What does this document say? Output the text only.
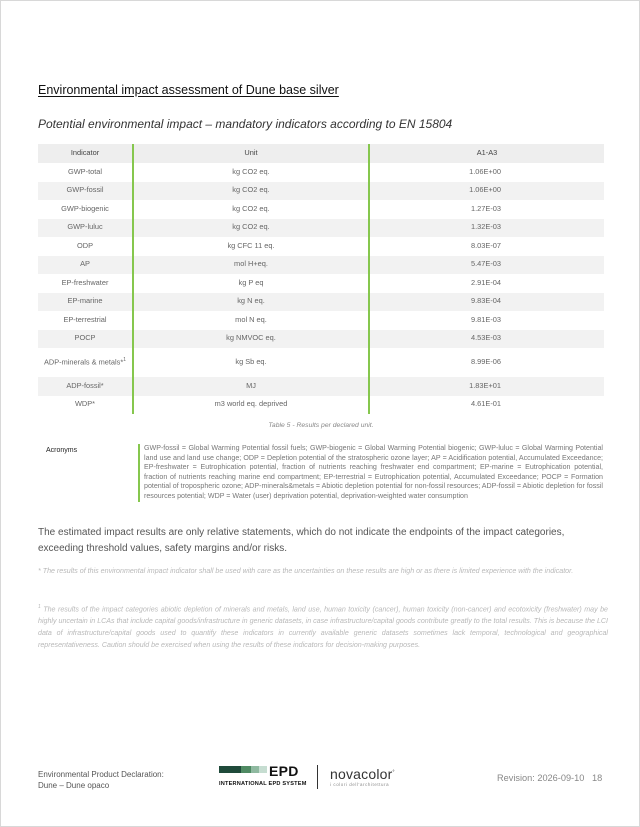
Environmental impact assessment of Dune base silver
Potential environmental impact – mandatory indicators according to EN 15804
Indicator	Unit	A1-A3
GWP-total	kg CO2 eq.	1.06E+00
GWP-fossil	kg CO2 eq.	1.06E+00
GWP-biogenic	kg CO2 eq.	1.27E-03
GWP-luluc	kg CO2 eq.	1.32E-03
ODP	kg CFC 11 eq.	8.03E-07
AP	mol H+eq.	5.47E-03
EP-freshwater	kg P eq	2.91E-04
EP-marine	kg N eq.	9.83E-04
EP-terrestrial	mol N eq.	9.81E-03
POCP	kg NMVOC eq.	4.53E-03
ADP-minerals & metals*$^1$	kg Sb eq.	8.99E-06
ADP-fossil*	MJ	1.83E+01
WDP*	m3 world eq. deprived	4.61E-01
Table 5 - Results per declared unit.
Acronyms	GWP-fossil = Global Warming Potential fossil fuels; GWP-biogenic = Global Warming Potential biogenic; GWP-luluc = Global Warming Potential land use and land use change; ODP = Depletion potential of the stratospheric ozone layer; AP = Acidification potential, Accumulated Exceedance; EP-freshwater = Eutrophication potential, fraction of nutrients reaching freshwater end compartment; EP-marine = Eutrophication potential, fraction of nutrients reaching marine end compartment; EP-terrestrial = Eutrophication potential, Accumulated Exceedance; POCP = Formation potential of tropospheric ozone; ADP-minerals&metals = Abiotic depletion potential for non-fossil resources; ADP-fossil = Abiotic depletion for fossil resources potential; WDP = Water (user) deprivation potential, deprivation-weighted water consumption
The estimated impact results are only relative statements, which do not indicate the endpoints of the impact categories, exceeding threshold values, safety margins and/or risks.
* The results of this environmental impact indicator shall be used with care as the uncertainties on these results are high or as there is limited experience with the indicator.
$^1$ The results of the impact categories abiotic depletion of minerals and metals, land use, human toxicity (cancer), human toxicity (non-cancer) and ecotoxicity (freshwater) may be highly uncertain in LCAs that include capital goods/infrastructure in generic datasets, in case infrastructure/capital goods contribute greatly to the total results. This is because the LCI data of infrastructure/capital goods used to quantify these indicators in currently available generic datasets sometimes lack temporal, technological and geographical representativeness. Caution should be exercised when using the results of these indicators for decision-making purposes.
Environmental Product Declaration:
Dune – Dune opaco
EPD
INTERNATIONAL EPD SYSTEM
novacolor°
i colori dell'architettura
Revision: 2026-09-10 18
